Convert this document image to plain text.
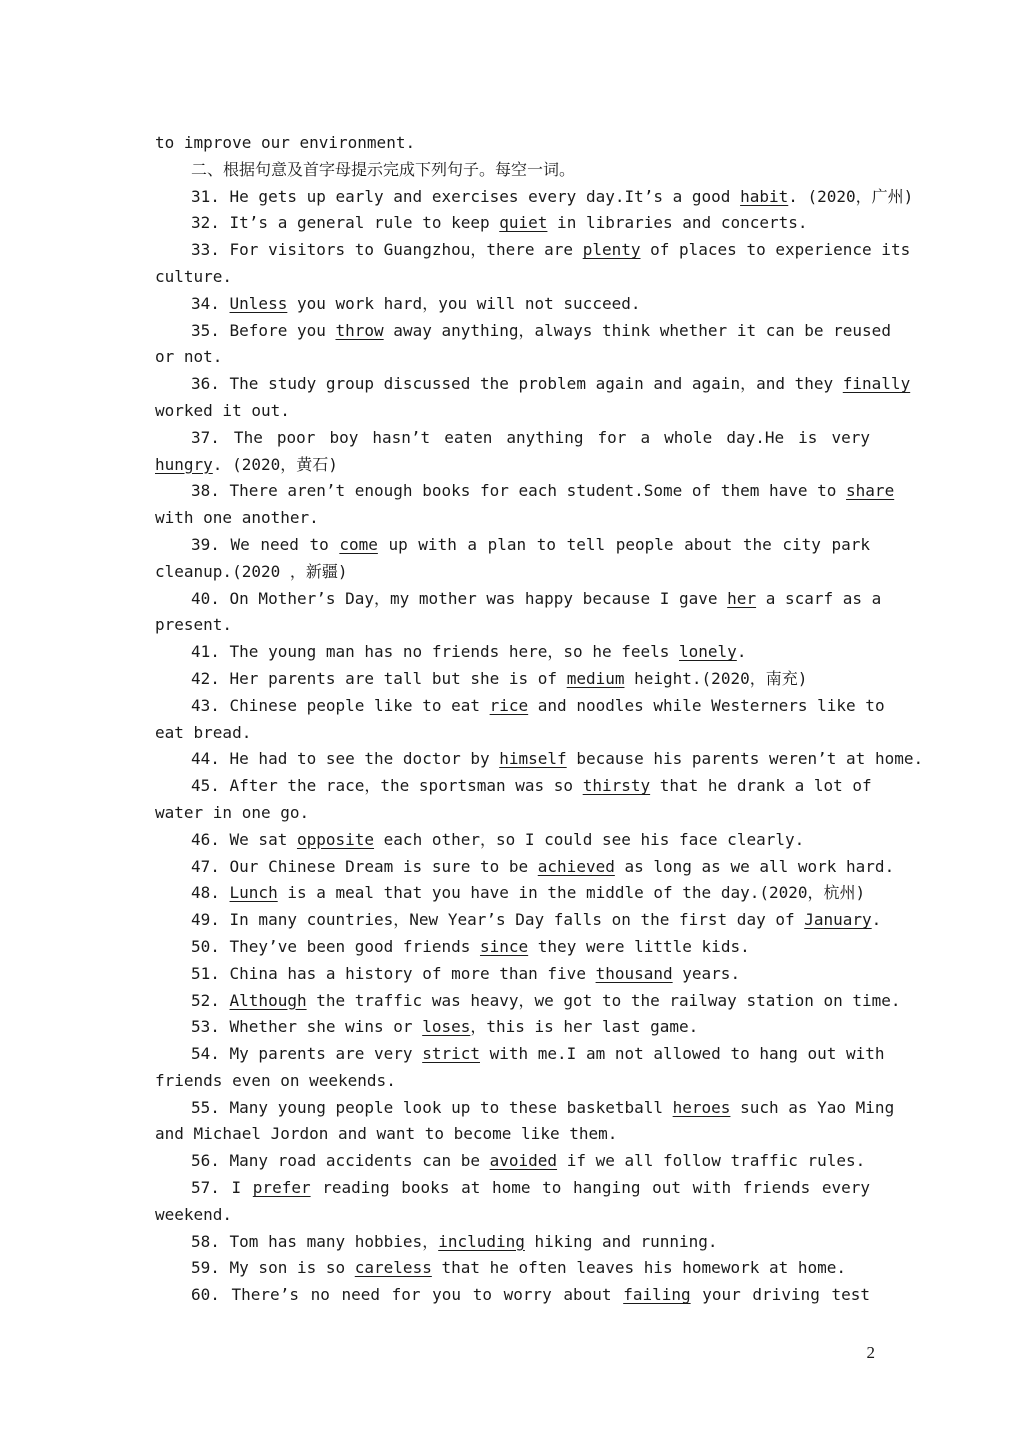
to improve our environment.
二、根据句意及首字母提示完成下列句子。每空一词。
31. He gets up early and exercises every day.It’s a good habit. (2020，广州)
32. It’s a general rule to keep quiet in libraries and concerts.
33. For visitors to Guangzhou，there are plenty of places to experience its
culture.
34. Unless you work hard，you will not succeed.
35. Before you throw away anything，always think whether it can be reused
or not.
36. The study group discussed the problem again and again，and they finally
worked it out.
37. The poor boy hasn’t eaten anything for a whole day.He is very
hungry. (2020，黄石)
38. There aren’t enough books for each student.Some of them have to share
with one another.
39. We need to come up with a plan to tell people about the city park
cleanup.(2020 ，新疆)
40. On Mother’s Day，my mother was happy because I gave her a scarf as a
present.
41. The young man has no friends here，so he feels lonely.
42. Her parents are tall but she is of medium height.(2020，南充)
43. Chinese people like to eat rice and noodles while Westerners like to
eat bread.
44. He had to see the doctor by himself because his parents weren’t at home.
45. After the race，the sportsman was so thirsty that he drank a lot of
water in one go.
46. We sat opposite each other，so I could see his face clearly.
47. Our Chinese Dream is sure to be achieved as long as we all work hard.
48. Lunch is a meal that you have in the middle of the day.(2020，杭州)
49. In many countries，New Year’s Day falls on the first day of January.
50. They’ve been good friends since they were little kids.
51. China has a history of more than five thousand years.
52. Although the traffic was heavy，we got to the railway station on time.
53. Whether she wins or loses，this is her last game.
54. My parents are very strict with me.I am not allowed to hang out with
friends even on weekends.
55. Many young people look up to these basketball heroes such as Yao Ming
and Michael Jordon and want to become like them.
56. Many road accidents can be avoided if we all follow traffic rules.
57. I prefer reading books at home to hanging out with friends every
weekend.
58. Tom has many hobbies，including hiking and running.
59. My son is so careless that he often leaves his homework at home.
60. There’s no need for you to worry about failing your driving test
2
